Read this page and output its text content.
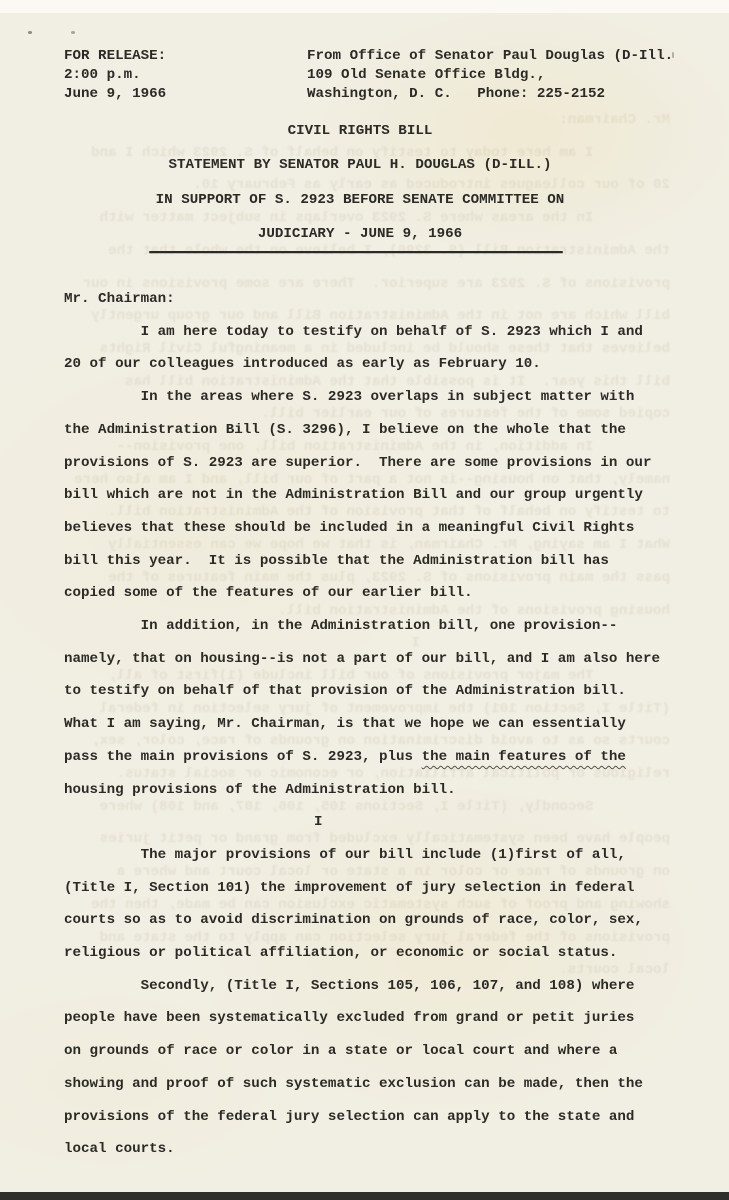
Mr. Chairman:
I am here today to testify on behalf of S. 2923 which I and
20 of our colleagues introduced as early as February 10.
In the areas where S. 2923 overlaps in subject matter with
the Administration          the
provisions of S. 2923 are superior.  There are some provisions in our
bill which are not in the Administration Bill and our group urgently
believes that these should be included in a meaningful Civil Rights
bill this year.  It is possible that the Administration bill has
copied some of the features of our earlier bill.
In addition, in the Administration bill, one provision--
namely, that on housing--is not a part of our bill, and I am also here
to testify on behalf of that provision of the Administration bill.
What I am saying, Mr. Chairman, is that we hope we can essentially
pass the main provisions of S. 2923, plus the main features of the
housing provisions of the Administration bill.
I
The major provisions of our bill include (1)first of all,
(Title I, Section 101) the improvement of jury selection in federal
courts so as to avoid discrimination on grounds of race, color, sex,
religious or political affiliation, or economic or social status.
Secondly, (Title I, Sections 105, 106, 107, and 108) where
people have been systematically excluded from grand or petit juries
on grounds of race or color in a state or local court and where a
showing and proof of such systematic exclusion can be made, then the
provisions of the federal jury selection can apply to the state and
local courts.
FOR RELEASE:
2:00 p.m.
June 9, 1966
From Office of Senator Paul Douglas (D-Ill.
109 Old Senate Office Bldg.,
Washington, D. C.   Phone: 225-2152
CIVIL RIGHTS BILL
STATEMENT BY SENATOR PAUL H. DOUGLAS (D-ILL.)
IN SUPPORT OF S. 2923 BEFORE SENATE COMMITTEE ON
JUDICIARY - JUNE 9, 1966
Mr. Chairman:
I am here today to testify on behalf of S. 2923 which I and
20 of our colleagues introduced as early as February 10.
In the areas where S. 2923 overlaps in subject matter with
the Administration Bill (S. 3296), I believe on the whole that the
provisions of S. 2923 are superior.  There are some provisions in our
bill which are not in the Administration Bill and our group urgently
believes that these should be included in a meaningful Civil Rights
bill this year.  It is possible that the Administration bill has
copied some of the features of our earlier bill.
In addition, in the Administration bill, one provision--
namely, that on housing--is not a part of our bill, and I am also here
to testify on behalf of that provision of the Administration bill.
What I am saying, Mr. Chairman, is that we hope we can essentially
pass the main provisions of S. 2923, plus the main features of the
housing provisions of the Administration bill.
I
The major provisions of our bill include (1)first of all,
(Title I, Section 101) the improvement of jury selection in federal
courts so as to avoid discrimination on grounds of race, color, sex,
religious or political affiliation, or economic or social status.
Secondly, (Title I, Sections 105, 106, 107, and 108) where
people have been systematically excluded from grand or petit juries
on grounds of race or color in a state or local court and where a
showing and proof of such systematic exclusion can be made, then the
provisions of the federal jury selection can apply to the state and
local courts.
